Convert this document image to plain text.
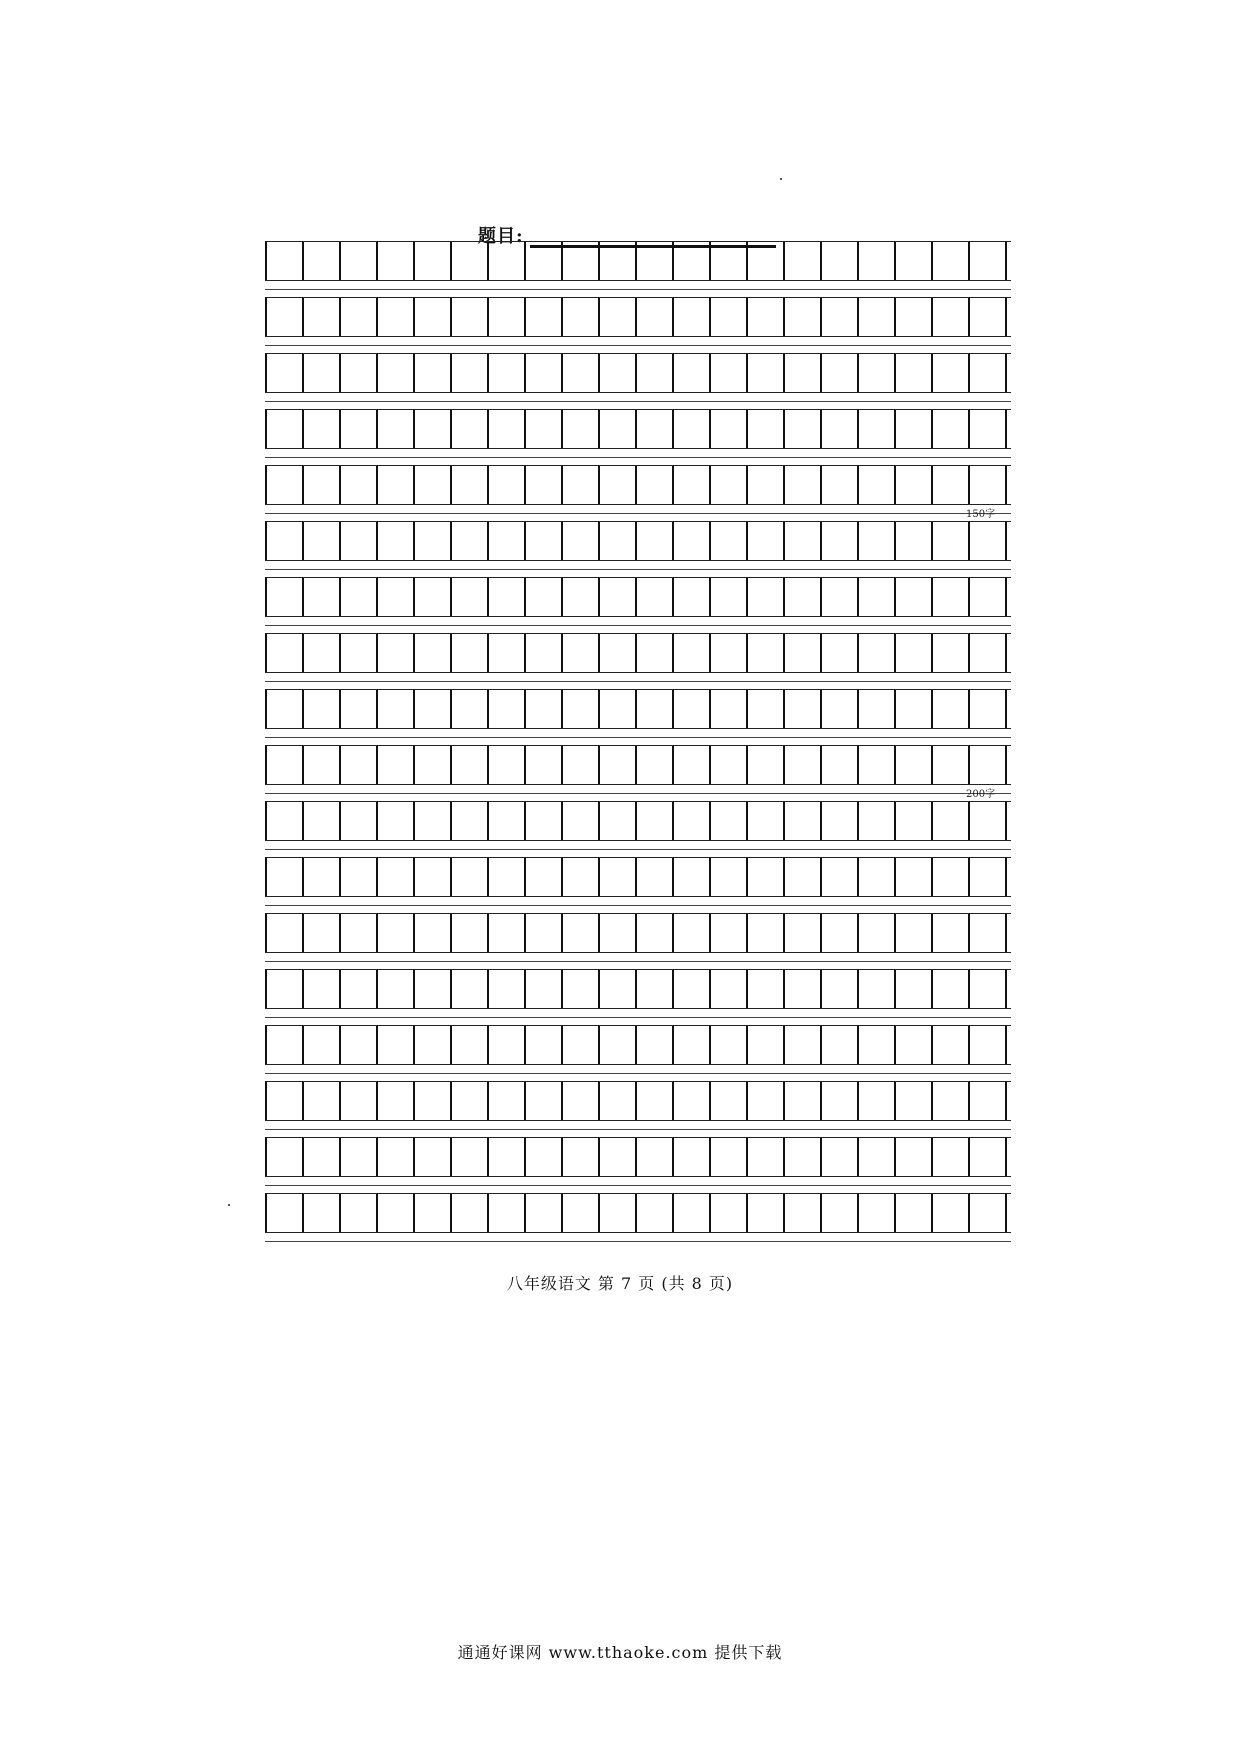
题目:
150字
200字
八年级语文 第 7 页 (共 8 页)
通通好课网 www.tthaoke.com 提供下载
